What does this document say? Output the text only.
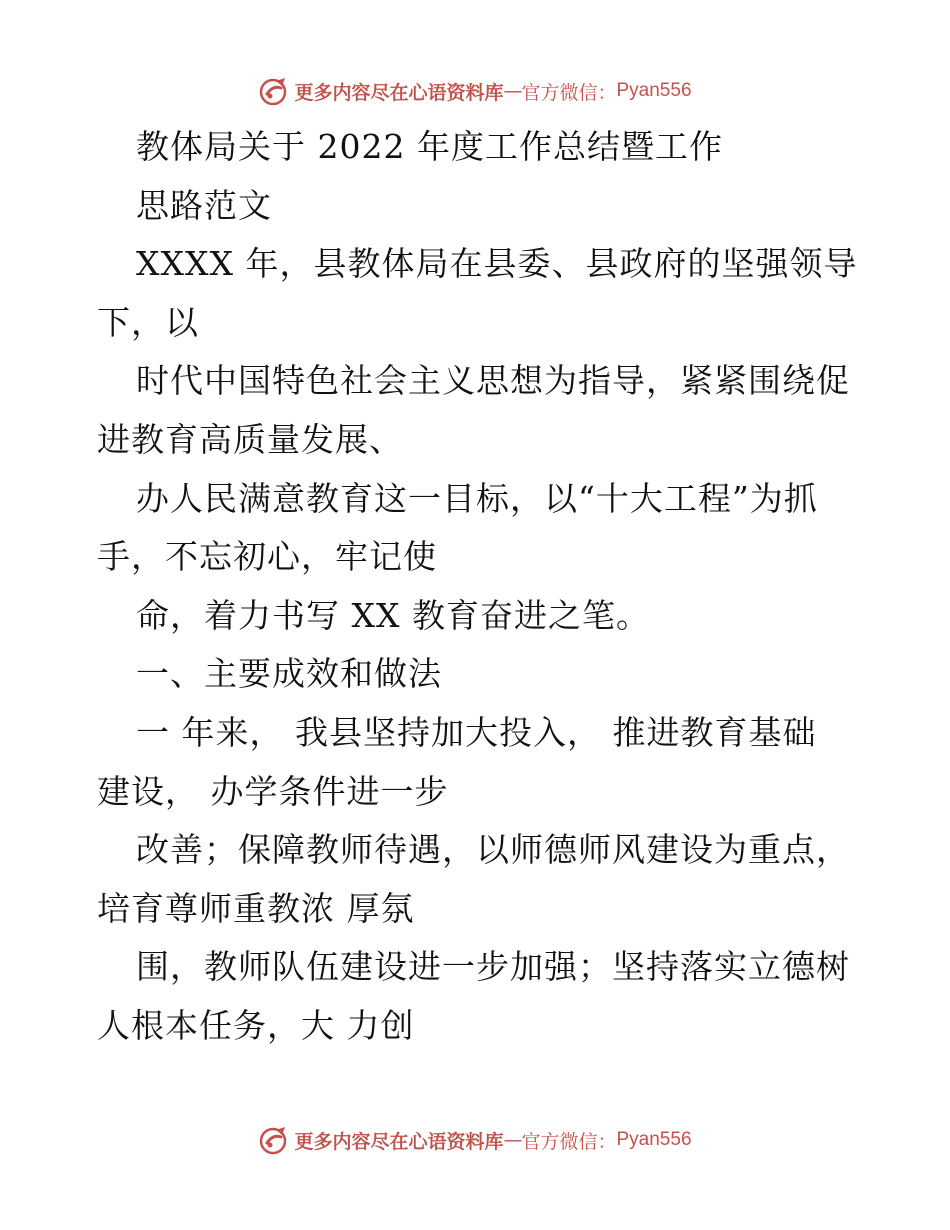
更多内容尽在心语资料库 — 官方微信： Pyan556
教体局关于 2022 年度工作总结暨工作
思路范文
XXXX 年，县教体局在县委、县政府的坚强领导
下，以
时代中国特色社会主义思想为指导，紧紧围绕促
进教育高质量发展、
办人民满意教育这一目标，以“十大工程”为抓
手，不忘初心，牢记使
命，着力书写 XX 教育奋进之笔。
一、主要成效和做法
一 年来， 我县坚持加大投入， 推进教育基础
建设， 办学条件进一步
改善；保障教师待遇，以师德师风建设为重点，
培育尊师重教浓 厚氛
围，教师队伍建设进一步加强；坚持落实立德树
人根本任务，大 力创
更多内容尽在心语资料库 — 官方微信： Pyan556
